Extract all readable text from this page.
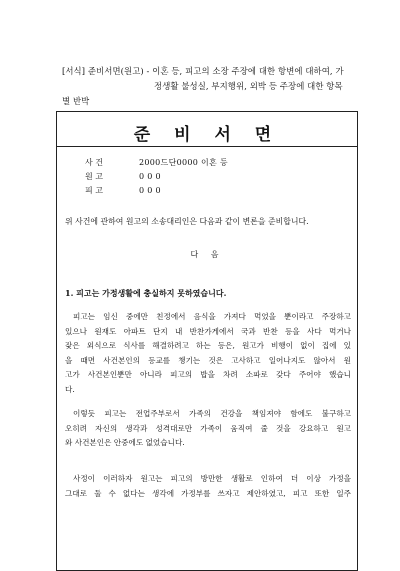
[서식] 준비서면(원고) - 이혼 등, 피고의 소장 주장에 대한 항변에 대하여, 가

정생활 불성실, 부지행위, 외박 등 주장에 대한 항목
별 반박
준 비 서 면
사 건	2000드단0000 이혼 등
원 고	0 0 0
피 고	0 0 0
위 사건에 관하여 원고의 소송대리인은 다음과 같이 변론을 준비합니다.
다 음
1. 피고는 가정생활에 충실하지 못하였습니다.
피고는 임신 중에만 친정에서 음식을 가져다 먹었을 뿐이라고 주장하고
있으나 원재도 아파트 단지 내 반찬가게에서 국과 반찬 등을 사다 먹거나
잦은 외식으로 식사를 해결하려고 하는 등은, 원고가 비행이 없이 집에 있
을 때면 사건본인의 등교를 챙기는 것은 고사하고 일어나지도 않아서 원
고가 사건본인뿐만 아니라 피고의 밥을 차려 소파로 갖다 주어야 했습니
다.
이렇듯 피고는 전업주부로서 가족의 건강을 책임져야 함에도 불구하고
오히려 자신의 생각과 성격대로만 가족이 움직여 줄 것을 강요하고 원고
와 사건본인은 안중에도 없었습니다.
사정이 이러하자 원고는 피고의 방만한 생활로 인하여 더 이상 가정을
그대로 둘 수 없다는 생각에 가정부를 쓰자고 제안하였고, 피고 또한 일주
